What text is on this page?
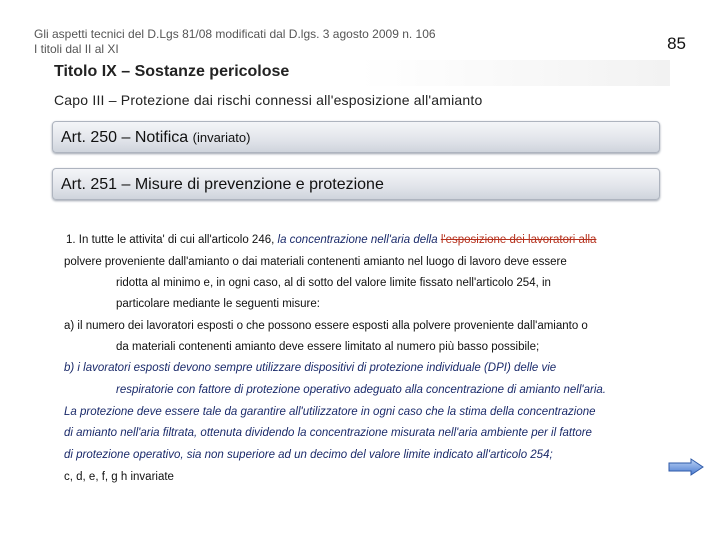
Gli aspetti tecnici del D.Lgs 81/08 modificati dal D.lgs. 3 agosto 2009 n. 106
I titoli dal II al XI	85
Titolo IX – Sostanze pericolose
Capo III – Protezione dai rischi connessi all'esposizione all'amianto
Art. 250 – Notifica (invariato)
Art. 251 – Misure di prevenzione e protezione
1. In tutte le attivita' di cui all'articolo 246, la concentrazione nell'aria della l'esposizione dei lavoratori alla
polvere proveniente dall'amianto o dai materiali contenenti amianto nel luogo di lavoro deve essere
ridotta al minimo e, in ogni caso, al di sotto del valore limite fissato nell'articolo 254, in
particolare mediante le seguenti misure:
a) il numero dei lavoratori esposti o che possono essere esposti alla polvere proveniente dall'amianto o
da materiali contenenti amianto deve essere limitato al numero più basso possibile;
b) i lavoratori esposti devono sempre utilizzare dispositivi di protezione individuale (DPI) delle vie
respiratorie con fattore di protezione operativo adeguato alla concentrazione di amianto nell'aria.
La protezione deve essere tale da garantire all'utilizzatore in ogni caso che la stima della concentrazione
di amianto nell'aria filtrata, ottenuta dividendo la concentrazione misurata nell'aria ambiente per il fattore
di protezione operativo, sia non superiore ad un decimo del valore limite indicato all'articolo 254;
c, d, e, f, g h invariate
